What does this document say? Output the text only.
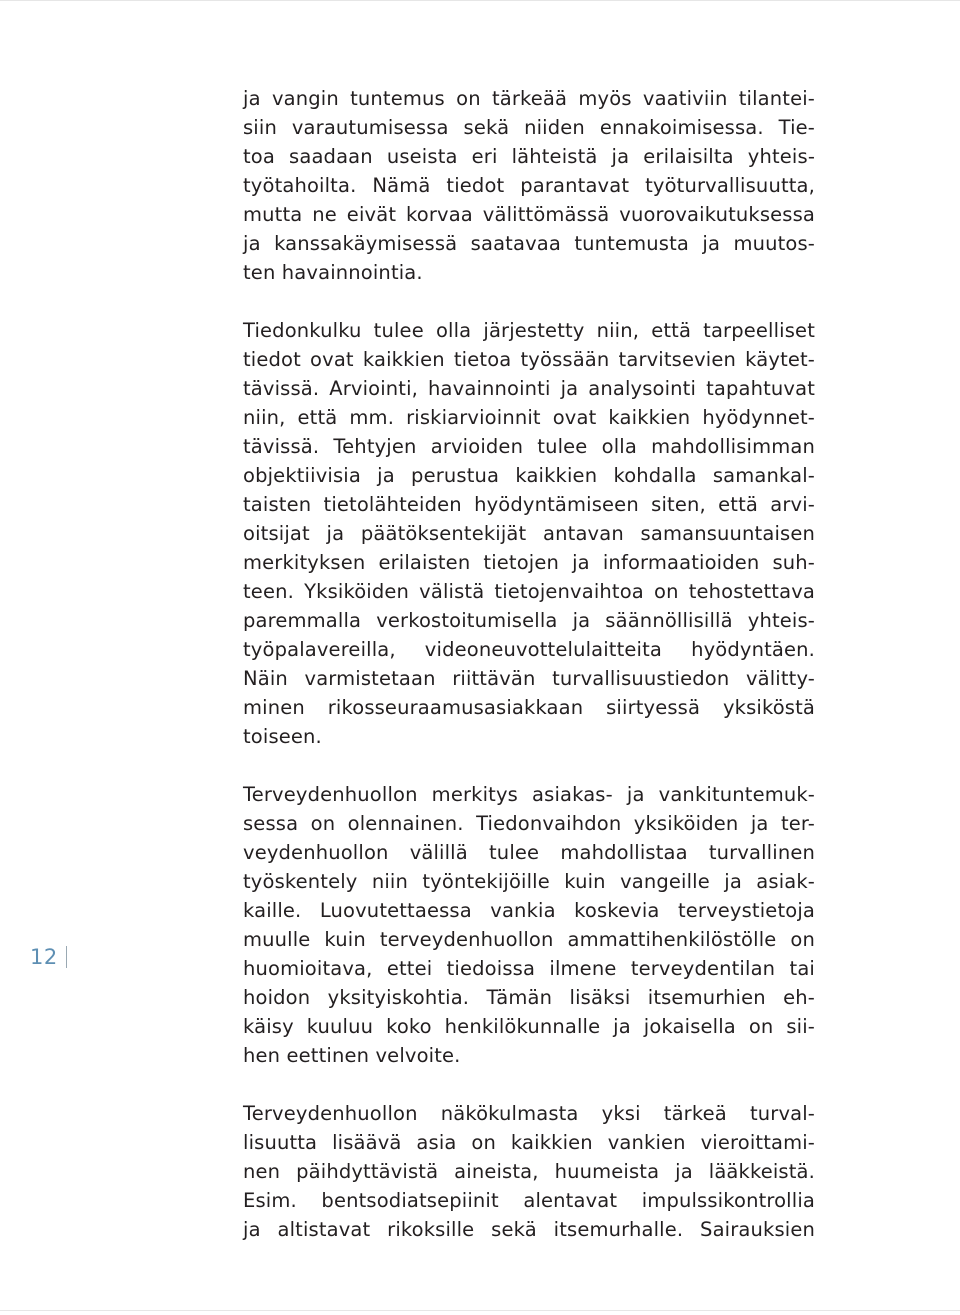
ja vangin tuntemus on tärkeää myös vaativiin tilantei-
siin varautumisessa sekä niiden ennakoimisessa. Tie-
toa saadaan useista eri lähteistä ja erilaisilta yhteis-
työtahoilta. Nämä tiedot parantavat työturvallisuutta,
mutta ne eivät korvaa välittömässä vuorovaikutuksessa
ja kanssakäymisessä saatavaa tuntemusta ja muutos-
ten havainnointia.
Tiedonkulku tulee olla järjestetty niin, että tarpeelliset
tiedot ovat kaikkien tietoa työssään tarvitsevien käytet-
tävissä. Arviointi, havainnointi ja analysointi tapahtuvat
niin, että mm. riskiarvioinnit ovat kaikkien hyödynnet-
tävissä. Tehtyjen arvioiden tulee olla mahdollisimman
objektiivisia ja perustua kaikkien kohdalla samankal-
taisten tietolähteiden hyödyntämiseen siten, että arvi-
oitsijat ja päätöksentekijät antavan samansuuntaisen
merkityksen erilaisten tietojen ja informaatioiden suh-
teen. Yksiköiden välistä tietojenvaihtoa on tehostettava
paremmalla verkostoitumisella ja säännöllisillä yhteis-
työpalavereilla, videoneuvottelulaitteita hyödyntäen.
Näin varmistetaan riittävän turvallisuustiedon välitty-
minen rikosseuraamusasiakkaan siirtyessä yksiköstä
toiseen.
Terveydenhuollon merkitys asiakas- ja vankituntemuk-
sessa on olennainen. Tiedonvaihdon yksiköiden ja ter-
veydenhuollon välillä tulee mahdollistaa turvallinen
työskentely niin työntekijöille kuin vangeille ja asiak-
kaille. Luovutettaessa vankia koskevia terveystietoja
muulle kuin terveydenhuollon ammattihenkilöstölle on
huomioitava, ettei tiedoissa ilmene terveydentilan tai
hoidon yksityiskohtia. Tämän lisäksi itsemurhien eh-
käisy kuuluu koko henkilökunnalle ja jokaisella on sii-
hen eettinen velvoite.
Terveydenhuollon näkökulmasta yksi tärkeä turval-
lisuutta lisäävä asia on kaikkien vankien vieroittami-
nen päihdyttävistä aineista, huumeista ja lääkkeistä.
Esim. bentsodiatsepiinit alentavat impulssikontrollia
ja altistavat rikoksille sekä itsemurhalle. Sairauksien
12
